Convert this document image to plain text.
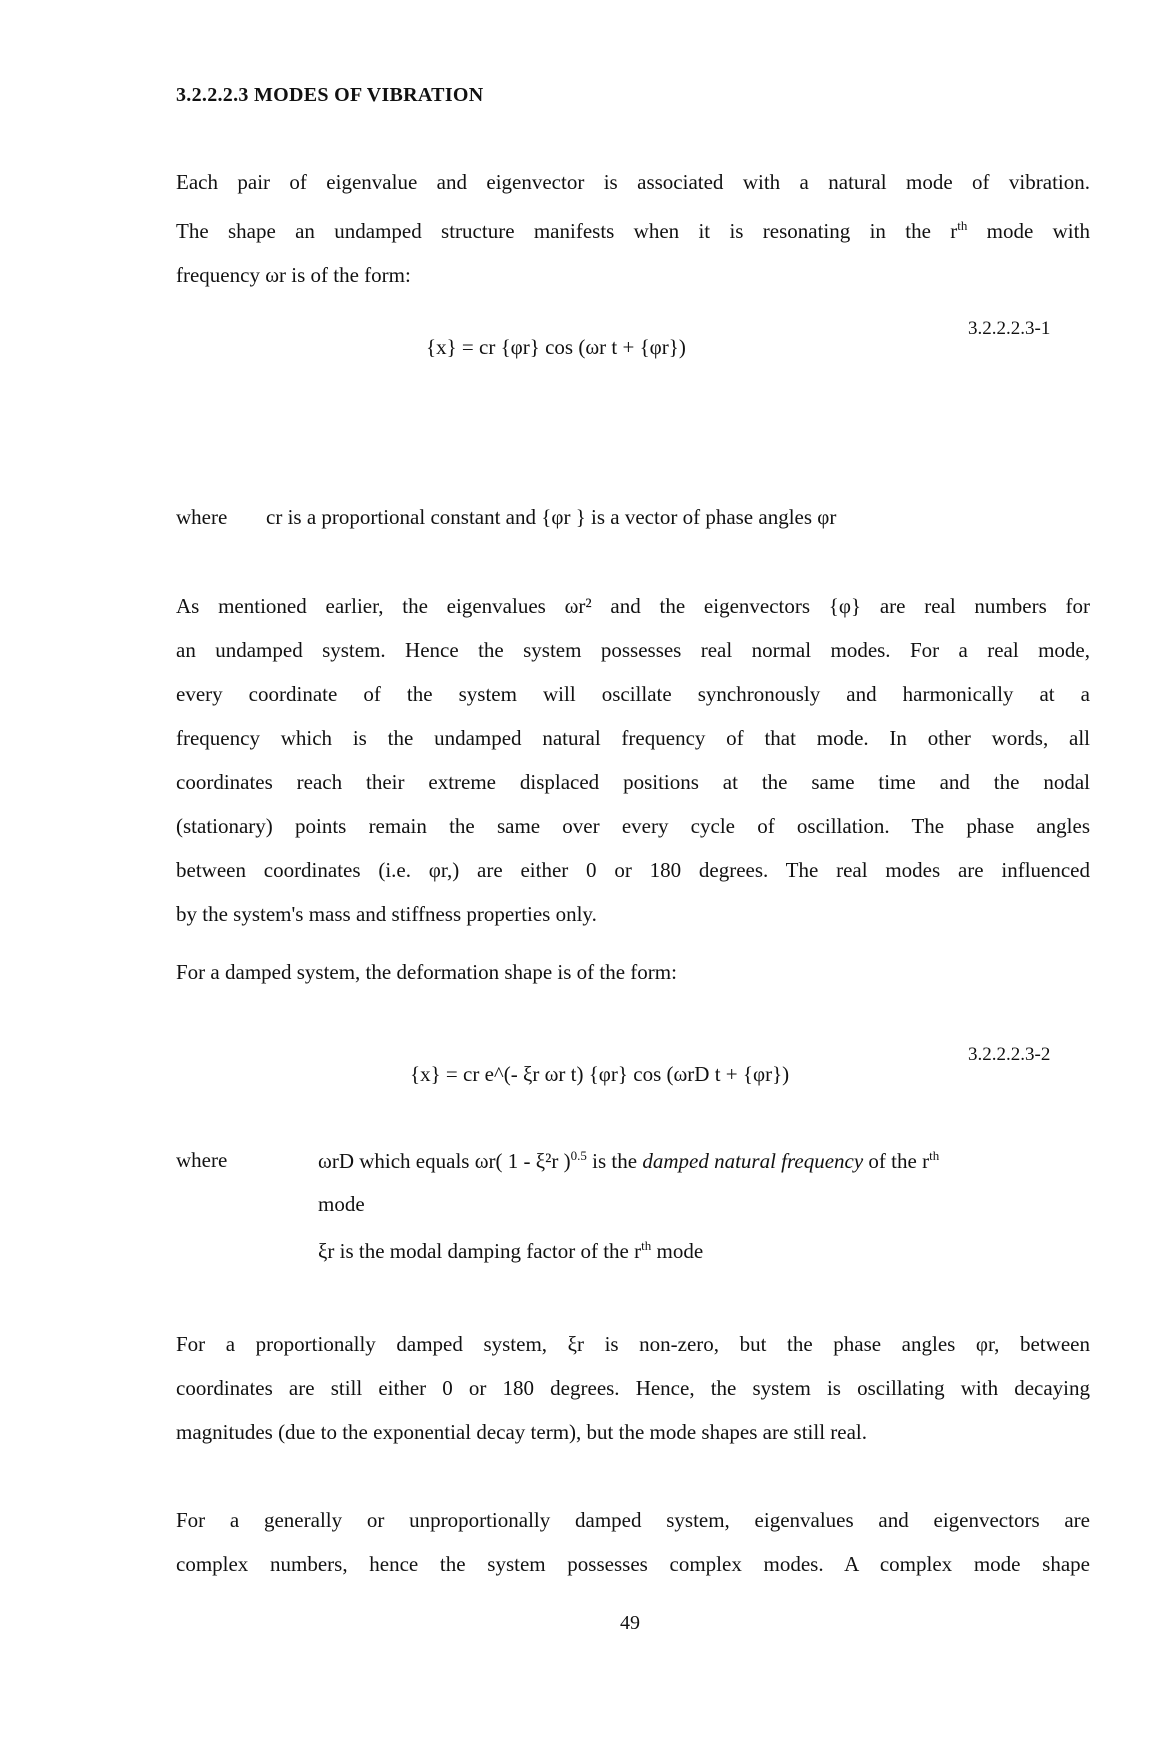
3.2.2.2.3 MODES OF VIBRATION
Each pair of eigenvalue and eigenvector is associated with a natural mode of vibration.
The shape an undamped structure manifests when it is resonating in the $r^{th}$ mode with
frequency ωr is of the form:
{x} = cr {φr} cos (ωr t + {φr})
3.2.2.2.3-1
where cr is a proportional constant and {φr } is a vector of phase angles φr
As mentioned earlier, the eigenvalues ωr² and the eigenvectors {φ} are real numbers for
an undamped system. Hence the system possesses real normal modes. For a real mode,
every coordinate of the system will oscillate synchronously and harmonically at a
frequency which is the undamped natural frequency of that mode. In other words, all
coordinates reach their extreme displaced positions at the same time and the nodal
(stationary) points remain the same over every cycle of oscillation. The phase angles
between coordinates (i.e. φr,) are either 0 or 180 degrees. The real modes are influenced
by the system's mass and stiffness properties only.
For a damped system, the deformation shape is of the form:
{x} = cr e^(- ξr ωr t) {φr} cos (ωrD t + {φr})
3.2.2.2.3-2
where	ωrD which equals ωr( 1 - ξ²r )$^{0.5}$ is the damped natural frequency of the $r^{th}$
mode
ξr is the modal damping factor of the $r^{th}$ mode
For a proportionally damped system, ξr is non-zero, but the phase angles φr, between
coordinates are still either 0 or 180 degrees. Hence, the system is oscillating with decaying
magnitudes (due to the exponential decay term), but the mode shapes are still real.
For a generally or unproportionally damped system, eigenvalues and eigenvectors are
complex numbers, hence the system possesses complex modes. A complex mode shape
49
